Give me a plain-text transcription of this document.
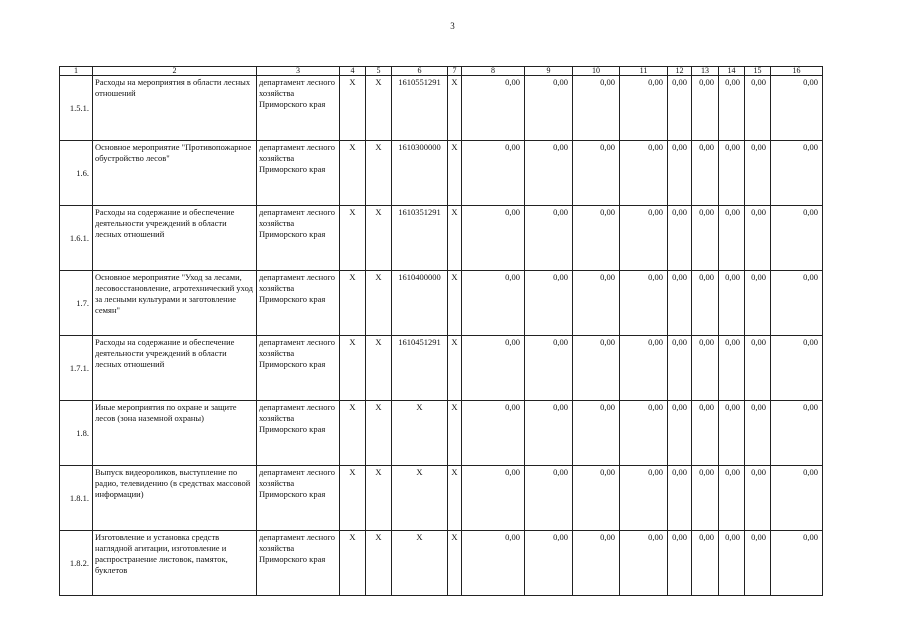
3
1	2	3	4	5	6	7	8	9	10	11	12	13	14	15	16
1.5.1.	Расходы на мероприятия в области лесных отношений	департамент лесного хозяйства Приморского края	X	X	1610551291	X	0,00	0,00	0,00	0,00	0,00	0,00	0,00	0,00	0,00
1.6.	Основное мероприятие "Противопожарное обустройство лесов"	департамент лесного хозяйства Приморского края	X	X	1610300000	X	0,00	0,00	0,00	0,00	0,00	0,00	0,00	0,00	0,00
1.6.1.	Расходы на содержание и обеспечение деятельности учреждений в области лесных отношений	департамент лесного хозяйства Приморского края	X	X	1610351291	X	0,00	0,00	0,00	0,00	0,00	0,00	0,00	0,00	0,00
1.7.	Основное мероприятие "Уход за лесами, лесовосстановление, агротехнический уход за лесными культурами и заготовление семян"	департамент лесного хозяйства Приморского края	X	X	1610400000	X	0,00	0,00	0,00	0,00	0,00	0,00	0,00	0,00	0,00
1.7.1.	Расходы на содержание и обеспечение деятельности учреждений в области лесных отношений	департамент лесного хозяйства Приморского края	X	X	1610451291	X	0,00	0,00	0,00	0,00	0,00	0,00	0,00	0,00	0,00
1.8.	Иные мероприятия по охране и защите лесов (зона наземной охраны)	департамент лесного хозяйства Приморского края	X	X	X	X	0,00	0,00	0,00	0,00	0,00	0,00	0,00	0,00	0,00
1.8.1.	Выпуск видеороликов, выступление по радио, телевидению (в средствах массовой информации)	департамент лесного хозяйства Приморского края	X	X	X	X	0,00	0,00	0,00	0,00	0,00	0,00	0,00	0,00	0,00
1.8.2.	Изготовление и установка средств наглядной агитации, изготовление и распространение листовок, памяток, буклетов	департамент лесного хозяйства Приморского края	X	X	X	X	0,00	0,00	0,00	0,00	0,00	0,00	0,00	0,00	0,00
